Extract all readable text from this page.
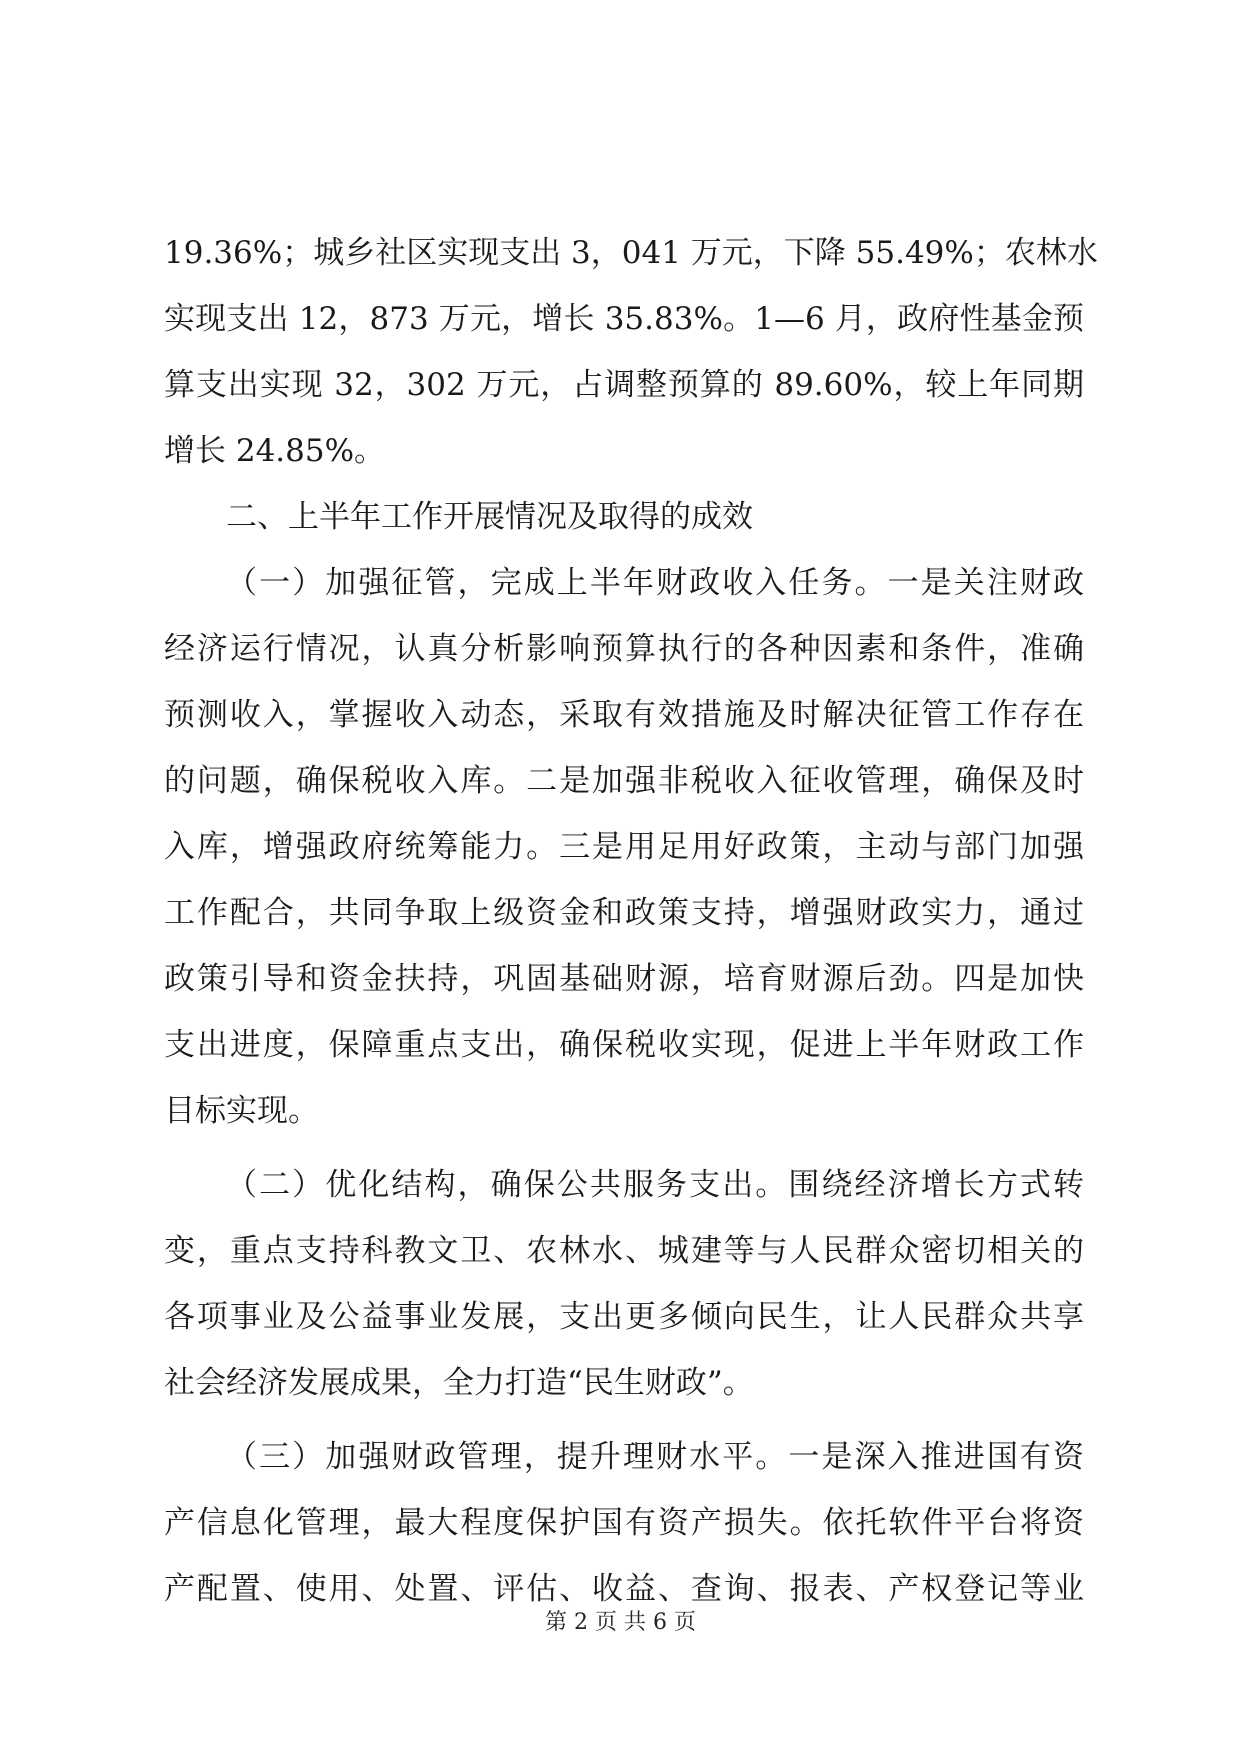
19.36%；城乡社区实现支出 3，041 万元，下降 55.49%；农林水
实现支出 12，873 万元，增长 35.83%。1—6 月，政府性基金预
算支出实现 32，302 万元，占调整预算的 89.60%，较上年同期
增长 24.85%。
二、上半年工作开展情况及取得的成效
（一）加强征管，完成上半年财政收入任务。一是关注财政
经济运行情况，认真分析影响预算执行的各种因素和条件，准确
预测收入，掌握收入动态，采取有效措施及时解决征管工作存在
的问题，确保税收入库。二是加强非税收入征收管理，确保及时
入库，增强政府统筹能力。三是用足用好政策，主动与部门加强
工作配合，共同争取上级资金和政策支持，增强财政实力，通过
政策引导和资金扶持，巩固基础财源，培育财源后劲。四是加快
支出进度，保障重点支出，确保税收实现，促进上半年财政工作
目标实现。
（二）优化结构，确保公共服务支出。围绕经济增长方式转
变，重点支持科教文卫、农林水、城建等与人民群众密切相关的
各项事业及公益事业发展，支出更多倾向民生，让人民群众共享
社会经济发展成果，全力打造“民生财政”。
（三）加强财政管理，提升理财水平。一是深入推进国有资
产信息化管理，最大程度保护国有资产损失。依托软件平台将资
产配置、使用、处置、评估、收益、查询、报表、产权登记等业
第 2 页 共 6 页
